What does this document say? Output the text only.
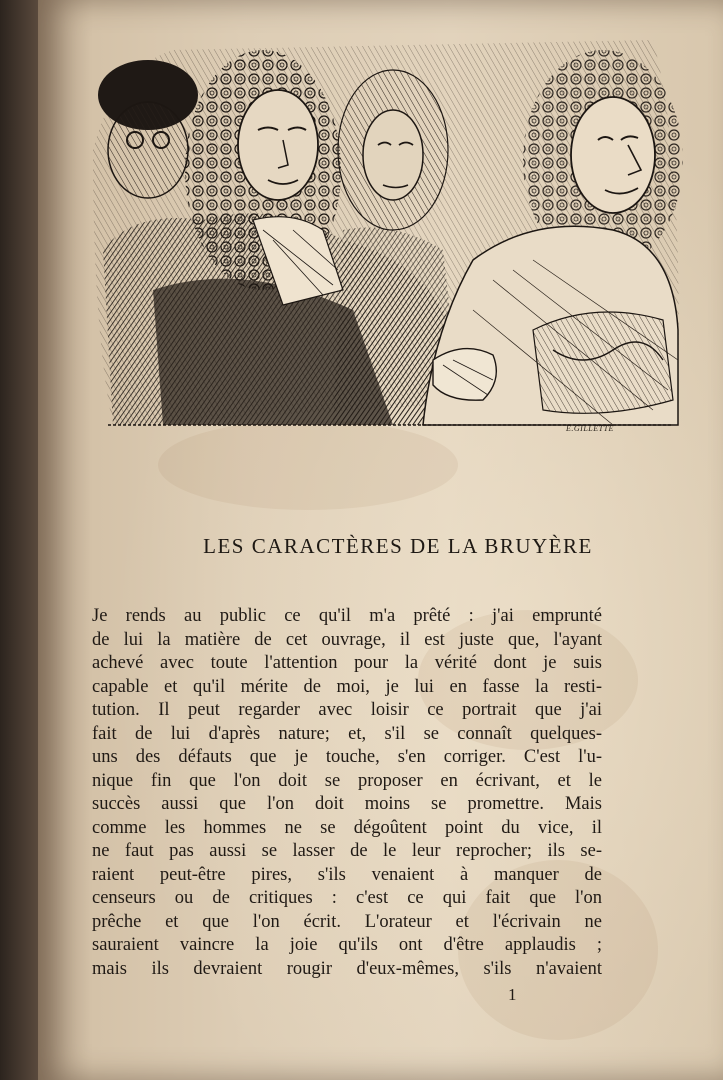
E.GILLETTE
LES CARACTÈRES DE LA BRUYÈRE
Je rends au public ce qu'il m'a prêté : j'ai emprunté
de lui la matière de cet ouvrage, il est juste que, l'ayant
achevé avec toute l'attention pour la vérité dont je suis
capable et qu'il mérite de moi, je lui en fasse la resti-
tution. Il peut regarder avec loisir ce portrait que j'ai
fait de lui d'après nature; et, s'il se connaît quelques-
uns des défauts que je touche, s'en corriger. C'est l'u-
nique fin que l'on doit se proposer en écrivant, et le
succès aussi que l'on doit moins se promettre. Mais
comme les hommes ne se dégoûtent point du vice, il
ne faut pas aussi se lasser de le leur reprocher; ils se-
raient peut-être pires, s'ils venaient à manquer de
censeurs ou de critiques : c'est ce qui fait que l'on
prêche et que l'on écrit. L'orateur et l'écrivain ne
sauraient vaincre la joie qu'ils ont d'être applaudis ;
mais ils devraient rougir d'eux-mêmes, s'ils n'avaient
1
